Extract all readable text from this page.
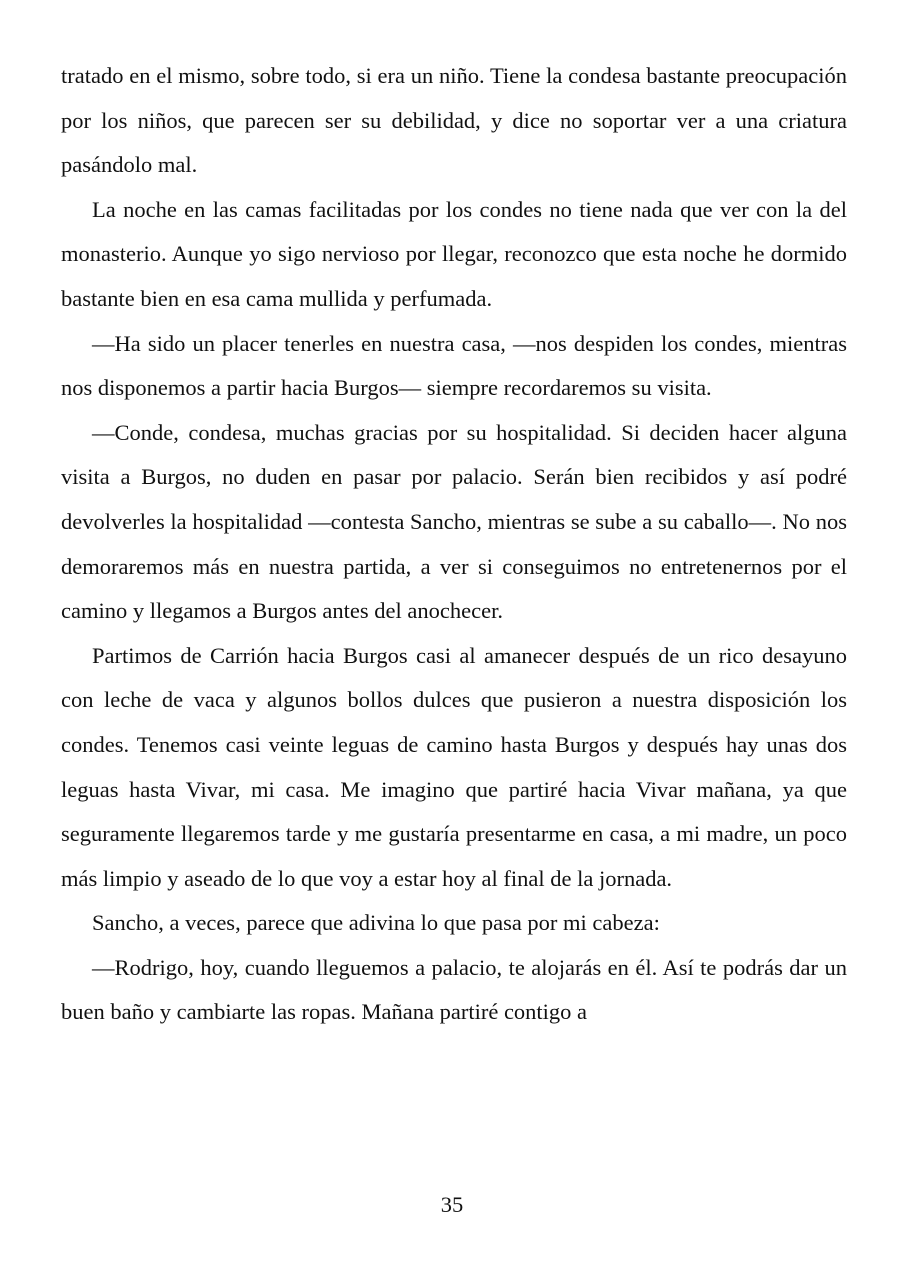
tratado en el mismo, sobre todo, si era un niño. Tiene la condesa bastante preocupación por los niños, que parecen ser su debilidad, y dice no soportar ver a una criatura pasándolo mal.

La noche en las camas facilitadas por los condes no tiene nada que ver con la del monasterio. Aunque yo sigo nervioso por llegar, reconozco que esta noche he dormido bastante bien en esa cama mullida y perfumada.

—Ha sido un placer tenerles en nuestra casa, —nos despiden los condes, mientras nos disponemos a partir hacia Burgos— siempre recordaremos su visita.

—Conde, condesa, muchas gracias por su hospitalidad. Si deciden hacer alguna visita a Burgos, no duden en pasar por palacio. Serán bien recibidos y así podré devolverles la hospitalidad —contesta Sancho, mientras se sube a su caballo—. No nos demoraremos más en nuestra partida, a ver si conseguimos no entretenernos por el camino y llegamos a Burgos antes del anochecer.

Partimos de Carrión hacia Burgos casi al amanecer después de un rico desayuno con leche de vaca y algunos bollos dulces que pusieron a nuestra disposición los condes. Tenemos casi veinte leguas de camino hasta Burgos y después hay unas dos leguas hasta Vivar, mi casa. Me imagino que partiré hacia Vivar mañana, ya que seguramente llegaremos tarde y me gustaría presentarme en casa, a mi madre, un poco más limpio y aseado de lo que voy a estar hoy al final de la jornada.

Sancho, a veces, parece que adivina lo que pasa por mi cabeza:

—Rodrigo, hoy, cuando lleguemos a palacio, te alojarás en él. Así te podrás dar un buen baño y cambiarte las ropas. Mañana partiré contigo a

35
